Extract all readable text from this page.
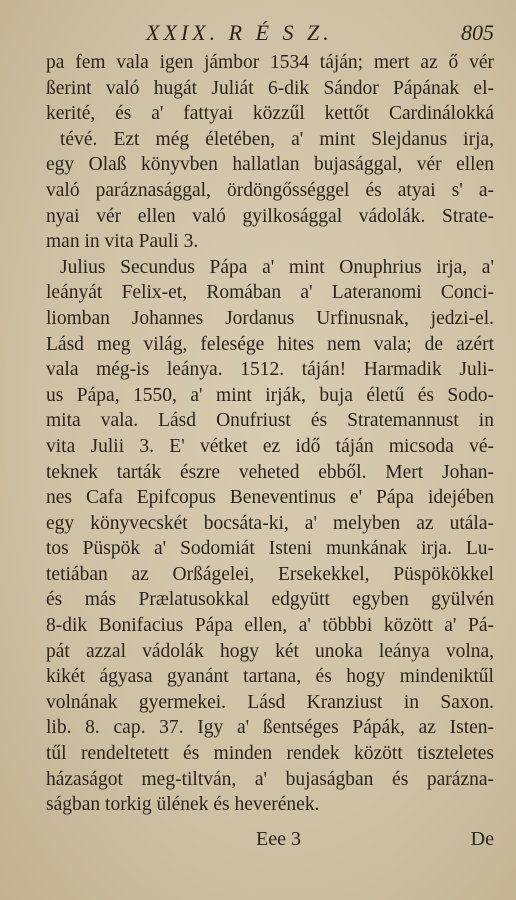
XXIX. R É S Z.	805
pa fem vala igen jámbor 1534 táján; mert az ő vér
ßerint való hugát Juliát 6-dik Sándor Pápának el-
kerité, és a' fattyai közzűl kettőt Cardinálokká
tévé. Ezt még életében, a' mint Slejdanus irja,
egy Olaß könyvben hallatlan bujasággal, vér ellen
való paráznasággal, ördöngősséggel és atyai s' a-
nyai vér ellen való gyilkosággal vádolák. Strate-
man in vita Pauli 3.
Julius Secundus Pápa a' mint Onuphrius irja, a'
leányát Felix-et, Romában a' Lateranomi Conci-
liomban Johannes Jordanus Urfinusnak, jedzi-el.
Lásd meg világ, felesége hites nem vala; de azért
vala még-is leánya. 1512. táján! Harmadik Juli-
us Pápa, 1550, a' mint irják, buja életű és Sodo-
mita vala. Lásd Onufriust és Stratemannust in
vita Julii 3. E' vétket ez idő táján micsoda vé-
teknek tarták észre veheted ebből. Mert Johan-
nes Cafa Epifcopus Beneventinus e' Pápa idejében
egy könyvecskét bocsáta-ki, a' melyben az utála-
tos Püspök a' Sodomiát Isteni munkának irja. Lu-
tetiában az Orßágelei, Ersekekkel, Püspökökkel
és más Prælatusokkal edgyütt egyben gyülvén
8-dik Bonifacius Pápa ellen, a' többbi között a' Pá-
pát azzal vádolák hogy két unoka leánya volna,
kikét ágyasa gyanánt tartana, és hogy mindeniktűl
volnának gyermekei. Lásd Kranziust in Saxon.
lib. 8. cap. 37. Igy a' ßentséges Pápák, az Isten-
tűl rendeltetett és minden rendek között tiszteletes
házaságot meg-tiltván, a' bujaságban és parázna-
ságban torkig ülének és heverének.
Eee 3	De
